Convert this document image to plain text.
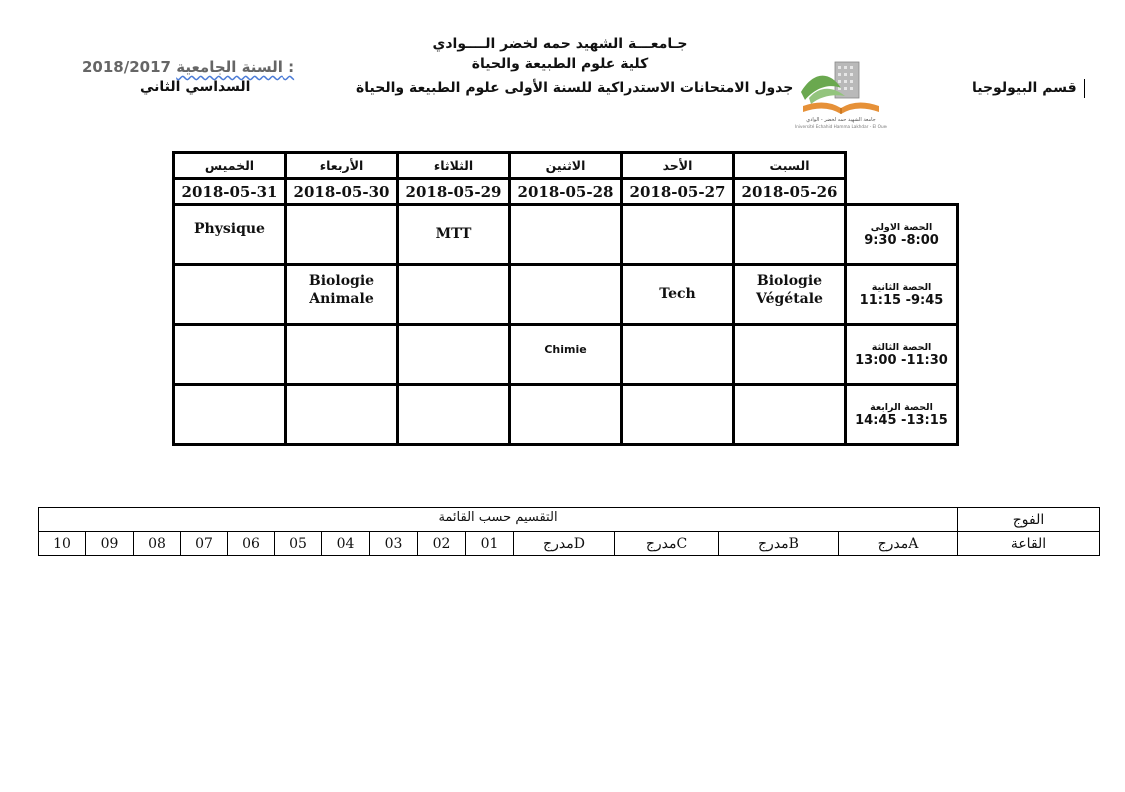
جـامعـــة الشهيد حمه لخضر الــــوادي
كلية علوم الطبيعة والحياة
2018/2017 السنة الجامعية :
السداسي الثاني	جدول الامتحانات الاستدراكية للسنة الأولى علوم الطبيعة والحياة	قسم البيولوجيا
جامعة الشهيد حمه لخضر - الوادي
Université Echahid Hamma Lakhdar - El Oued
السبت
الأحد
الاثنين
الثلاثاء
الأربعاء
الخميس
2018-05-26
2018-05-27
2018-05-28
2018-05-29
2018-05-30
2018-05-31
الحصة الاولى
8:00- 9:30
MTT
Physique
الحصة الثانية
9:45- 11:15
Biologie
Végétale
Tech
Biologie
Animale
الحصة الثالثة
11:30- 13:00
Chimie
الحصة الرابعة
13:15- 14:45
الفوج
التقسيم حسب القائمة
القاعة
مدرجA
مدرجB
مدرجC
مدرجD
01
02
03
04
05
06
07
08
09
10
